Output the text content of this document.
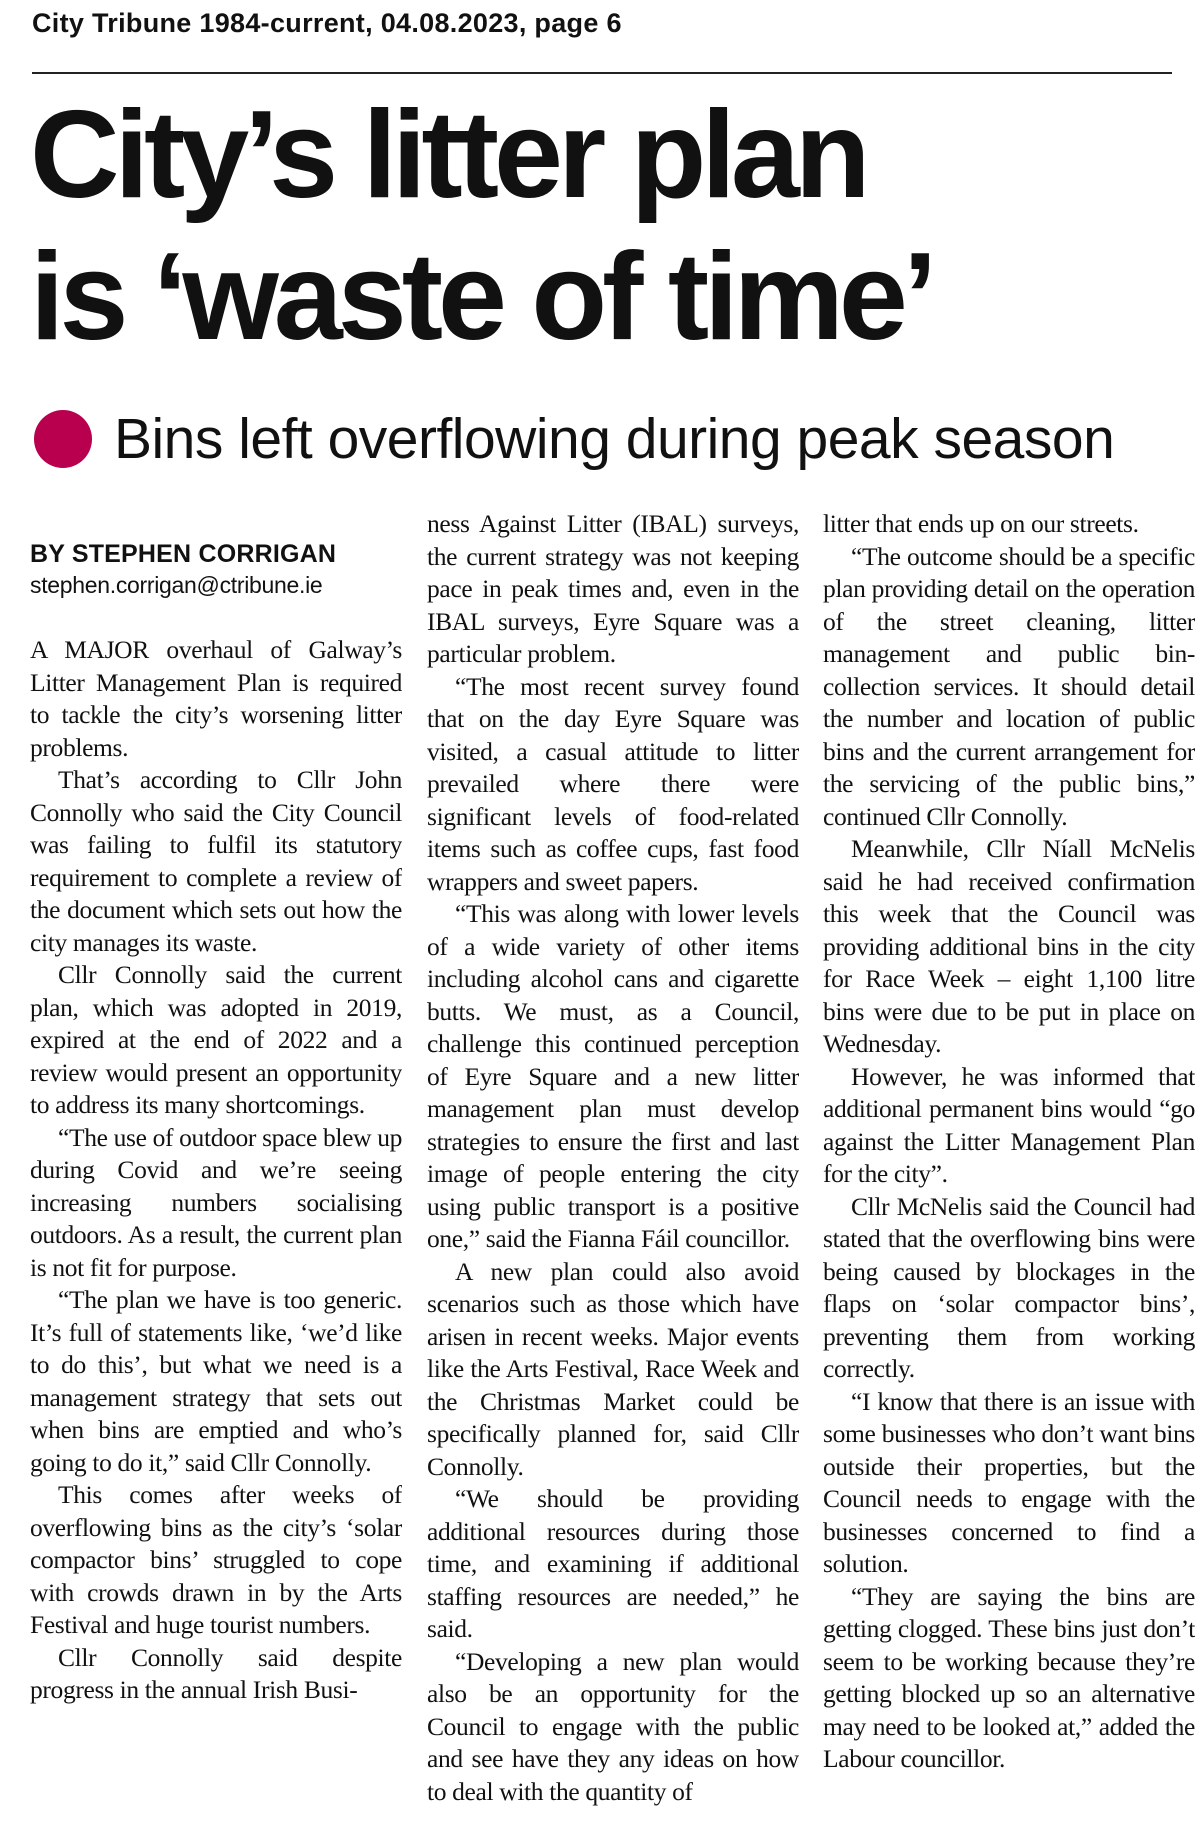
City Tribune 1984-current, 04.08.2023, page 6
City’s litter plan
is ‘waste of time’
Bins left overflowing during peak season
BY STEPHEN CORRIGAN
stephen.corrigan@ctribune.ie

A MAJOR overhaul of Galway’s Litter Management Plan is required to tackle the city’s worsening litter problems.

That’s according to Cllr John Connolly who said the City Council was failing to fulfil its statutory requirement to complete a review of the document which sets out how the city manages its waste.

Cllr Connolly said the current plan, which was adopted in 2019, expired at the end of 2022 and a review would present an opportunity to address its many shortcomings.

“The use of outdoor space blew up during Covid and we’re seeing increasing numbers socialising outdoors. As a result, the current plan is not fit for purpose.

“The plan we have is too generic. It’s full of statements like, ‘we’d like to do this’, but what we need is a management strategy that sets out when bins are emptied and who’s going to do it,” said Cllr Connolly.

This comes after weeks of overflowing bins as the city’s ‘solar compactor bins’ struggled to cope with crowds drawn in by the Arts Festival and huge tourist numbers.

Cllr Connolly said despite progress in the annual Irish Busi-

ness Against Litter (IBAL) surveys, the current strategy was not keeping pace in peak times and, even in the IBAL surveys, Eyre Square was a particular problem.

“The most recent survey found that on the day Eyre Square was visited, a casual attitude to litter prevailed where there were significant levels of food-related items such as coffee cups, fast food wrappers and sweet papers.

“This was along with lower levels of a wide variety of other items including alcohol cans and cigarette butts. We must, as a Council, challenge this continued perception of Eyre Square and a new litter management plan must develop strategies to ensure the first and last image of people entering the city using public transport is a positive one,” said the Fianna Fáil councillor.

A new plan could also avoid scenarios such as those which have arisen in recent weeks. Major events like the Arts Festival, Race Week and the Christmas Market could be specifically planned for, said Cllr Connolly.

“We should be providing additional resources during those time, and examining if additional staffing resources are needed,” he said.

“Developing a new plan would also be an opportunity for the Council to engage with the public and see have they any ideas on how to deal with the quantity of

litter that ends up on our streets.

“The outcome should be a specific plan providing detail on the operation of the street cleaning, litter management and public bin-collection services. It should detail the number and location of public bins and the current arrangement for the servicing of the public bins,” continued Cllr Connolly.

Meanwhile, Cllr Níall McNelis said he had received confirmation this week that the Council was providing additional bins in the city for Race Week – eight 1,100 litre bins were due to be put in place on Wednesday.

However, he was informed that additional permanent bins would “go against the Litter Management Plan for the city”.

Cllr McNelis said the Council had stated that the overflowing bins were being caused by blockages in the flaps on ‘solar compactor bins’, preventing them from working correctly.

“I know that there is an issue with some businesses who don’t want bins outside their properties, but the Council needs to engage with the businesses concerned to find a solution.

“They are saying the bins are getting clogged. These bins just don’t seem to be working because they’re getting blocked up so an alternative may need to be looked at,” added the Labour councillor.
